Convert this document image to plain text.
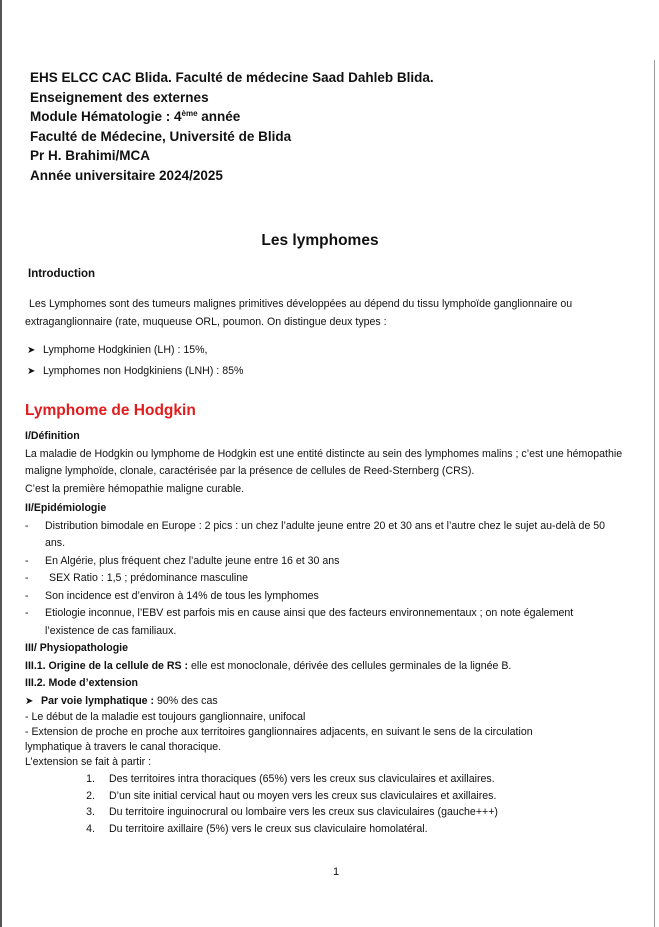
EHS ELCC CAC Blida. Faculté de médecine Saad Dahleb Blida.
Enseignement des externes
Module Hématologie : 4ème année
Faculté de Médecine, Université de Blida
Pr H. Brahimi/MCA
Année universitaire 2024/2025
Les lymphomes
Introduction

Les Lymphomes sont des tumeurs malignes primitives développées au dépend du tissu lymphoïde ganglionnaire ou extraganglionnaire (rate, muqueuse ORL, poumon. On distingue deux types :

➤ Lymphome Hodgkinien (LH) : 15%,
➤ Lymphomes non Hodgkiniens (LNH) : 85%
Lymphome de Hodgkin
I/Définition

La maladie de Hodgkin ou lymphome de Hodgkin est une entité distincte au sein des lymphomes malins ; c’est une hémopathie maligne lymphoïde, clonale, caractérisée par la présence de cellules de Reed-Sternberg (CRS).

C’est la première hémopathie maligne curable.

II/Epidémiologie
-	Distribution bimodale en Europe : 2 pics : un chez l’adulte jeune entre 20 et 30 ans et l’autre chez le sujet au-delà de 50 ans.
-	En Algérie, plus fréquent chez l’adulte jeune entre 16 et 30 ans
-	SEX Ratio : 1,5 ; prédominance masculine
-	Son incidence est d’environ à 14% de tous les lymphomes
-	Etiologie inconnue, l’EBV est parfois mis en cause ainsi que des facteurs environnementaux ; on note également l’existence de cas familiaux.
III/ Physiopathologie
III.1. Origine de la cellule de RS : elle est monoclonale, dérivée des cellules germinales de la lignée B.
III.2. Mode d’extension
➤ Par voie lymphatique : 90% des cas
- Le début de la maladie est toujours ganglionnaire, unifocal
- Extension de proche en proche aux territoires ganglionnaires adjacents, en suivant le sens de la circulation lymphatique à travers le canal thoracique.
L’extension se fait à partir :
1. Des territoires intra thoraciques (65%) vers les creux sus claviculaires et axillaires.
2. D’un site initial cervical haut ou moyen vers les creux sus claviculaires et axillaires.
3. Du territoire inguinocrural ou lombaire vers les creux sus claviculaires (gauche+++)
4. Du territoire axillaire (5%) vers le creux sus claviculaire homolatéral.
1
